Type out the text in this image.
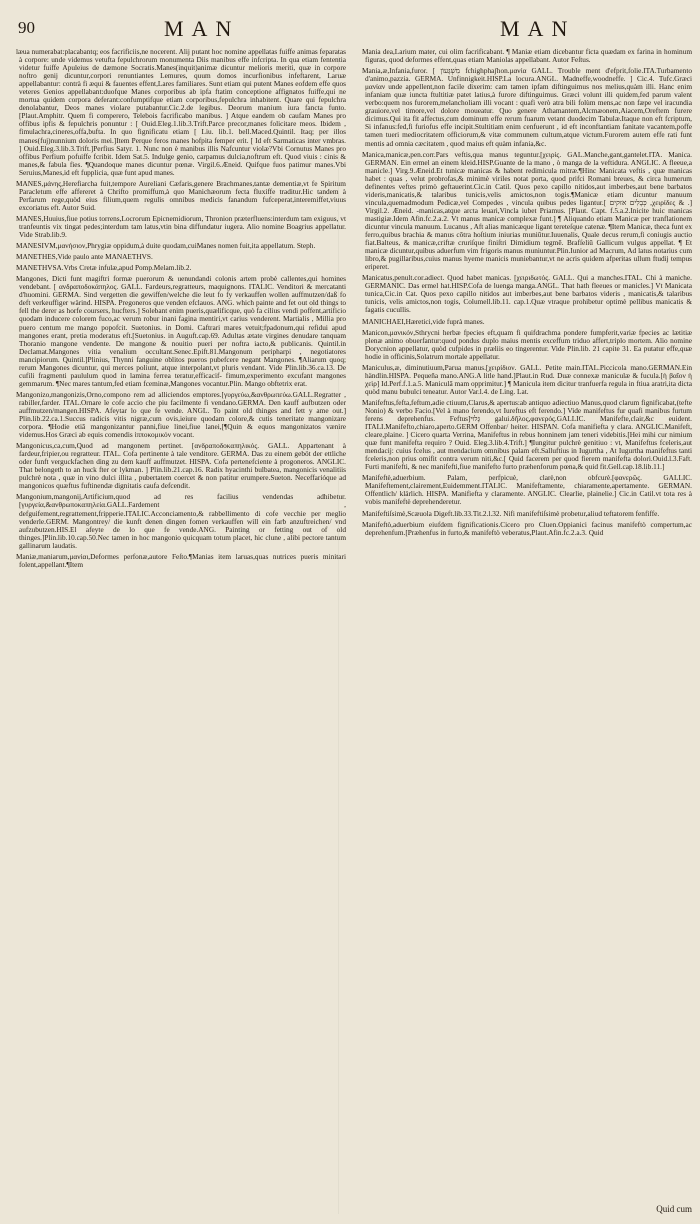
90	MAN	MAN

læua numerabat:placabantq; eos facrificiis,ne nocerent. Alij putant hoc nomine appellatas fuiffe animas feparatas à corpore: unde videmus vetufta fepulchrorum monumenta Diis manibus effe infcripta. In qua etiam fententia videtur fuiffe Apuleius de dæmone Socratis.Manes(inquit)animæ dicuntur melioris meriti, quæ in corpore noftro genij dicuntur,corpori renuntiantes Lemures, quum domos incurfionibus infeftarent, Laruæ appellabantur: contrà fi æqui & fauentes effent,Lares familiares. Sunt etiam qui putent Manes eofdem effe quos veteres Genios appellabant:duofque Manes corporibus ab ipfa ftatim conceptione affignatos fuiffe,qui ne mortua quidem corpora deferant:confumptifque etiam corporibus,fepulchra inhabitent. Quare qui fepulchra denolabantur, Deos manes violare putabantur.Cic.2.de legibus. Deorum manium iura fancta funto. [Plaut.Amphitr. Quem fi comperero, Telebois facrificabo manibus. ] Atque eandem ob caufam Manes pro offibus ipfis & fepulchris ponuntur : [ Ouid.Eleg.1.lib.3.Trift.Parce precor,manes folicitare meos. Ibidem , fimulachra,cineres,offa,bufta. In quo fignificatu etiam [ Liu. lib.1. bell.Maced.Quintil. Itaq; per illos manes(fuj)nunnium doloris mei.]Item Perque feros manes hofpita femper erit. [ Id eft Sarmaticas inter vmbras. ] Ouid.Eleg.3.lib.3.Trift.]Perfius Satyr. 1. Nunc non è manibus illis Nafcuntur violæ?Vbi Cornutus Manes pro offibus Perfium pofuiffe fcribit. Idem Sat.5. Indulge genio, carpamus dulcia,noftrum eft. Quod viuis : cinis & manes,& fabula fies. ¶Quandoque manes dicuntur pœnæ. Virgil.6.Æneid. Quifque fuos patimur manes.Vbi Seruius,Manes,id eft fupplicia, quæ funt apud manes.

MANES,μάνης,Herefiarcha fuit,tempore Aureliani Cæfaris,genere Brachmanes,tantæ dementiæ,vt fe Spiritum Paracletum effe affereret à Chrifto promiffum,à quo Manichæorum fecta fluxiffe traditur.Hic tandem à Perfarum rege,quòd eius filium,quem regulis omnibus medicis fanandum fufceperat,interemiffet,viuus excoriatus eft. Autor Suid.

MANES,Huuius,fiue potius torrens,Locrorum Epicnemidiorum, Thronion præterfluens:interdum tam exiguus, vt tranfeuntis vix tingat pedes;interdum tam latus,vtin bina diffundatur iugera. Alio nomine Boagrius appellatur. Vide Strab.lib.9.

MANESIVM,μανήσιον,Phrygiæ oppidum,à duite quodam,cuiManes nomen fuit,ita appellatum. Steph.

MANETHES,Vide paulo ante MANAETHVS.

MANETHVSA.Vrbs Cretæ infulæ,apud Pomp.Melam.lib.2.

Mangones, Dicti funt magiftri formæ puerorum & uenundandi colonis artem probè callentes,qui homines vendebant. [ ανδραποδοκάπηλος. GALL. Fardeurs,regratteurs, maquignons. ITALIC. Venditori & mercatanti d'huomini. GERMA. Sind vergetten die gewiffen/welche die leut fo fy verkauffen wollen auffmutzen/daß fo deft verkeuffiger wärind. HISPA. Pregoneros que venden efclauos. ANG. which painte and fet out old things to fell the derer as horfe coursers, hucfters.] Solebant enim pueris,quælificque, quò fa cilius vendi poffent,artificio quodam inducere colorem fuco,ac verum robur inani fagina mentiri,vt carius venderent. Martialis , Millia pro puero centum me mango popofcit. Suetonius. in Domi. Caftrari mares vetuit;fpadonum,qui refidui apud mangones erant, pretia moderatus eft.[Suetonius. in Auguft.cap.69. Adultas ætate virgines denudare tanquam Thoranio mangone vendente. De mangone & nouitio pueri per noftra iacto,& publicanis. Quintil.in Declamat.Mangones vitia venalium occultant.Senec.Epift.81.Mangonum peripharpi , negotiatores mancipiorum. Quintil.]Plinius, Thynni fanguine oblitos pueros pubefcere negant Mangones. ¶Aliarum quoq; rerum Mangones dicuntur, qui merces poliunt, atque interpolant,vt pluris vendant. Vide Plin.lib.36.ca.13. De cufili fragmenti paululum quod in lamina ferrea teratur,efficacif- fimum,experimento excufant mangones gemmarum. ¶Nec mares tantum,fed etiam fceminæ,Mangones vocantur.Plin. Mango obftetrix erat.

Mangonizo,mangonizis,Orno,compono rem ad alliciendos emptores.[γυργεύω,&ανθρωπεύω.GALL.Regratter , rabiller,farder. ITAL.Ornare le cofe accio che piu facilmente fi vendano.GERMA. Den kauff aufbutzen oder auffmutzen/mangen.HISPA. Afeytar lo que fe vende. ANGL. To paint old thinges and fett y ame out.] Plin.lib.22.ca.1.Succus radicis vitis nigræ,cum ovis,ieiure quodam colore,& cutis teneritate mangonizare corpora. ¶Hodie etiā mangonizantur panni,fiue linei,fiue lanei,[¶Quin & equos mangonizatos vænire videmus.Hos Græci ab equis comendis ἱπποκομικόν vocant.

Mangonicus,ca,cum,Quod ad mangonem pertinet. [ανδραποδοκαπηλικός. GALL. Appartenant à fardeur,fripier,ou regratteur. ITAL. Cofa pertinente à tale venditore. GERMA. Das zu einem geböt der ettliche oder funft verguckfachen ding zu dem kauff auffmutzet. HISPA. Cofa pertenefciente à progoneros. ANGLIC. That belongeth to an huck fter or lykman. ] Plin.lib.21.cap.16. Radix hyacinthi bulbatea, mangonicis venalitiis pulchrè nota , quæ in vino dulci illita , pubertatem coercet & non patitur erumpere.Sueton. Neceffarióque ad mangonicos quæftus fuftinendæ dignitatis caufa defcendit.

Mangonium,mangonij,Artificium,quod ad res facilius vendendas adhibetur. [γυργεία,&ανθρωποκαπηλεία.GALL.Fardement , defguifement,regrattement,fripperie.ITALIC.Acconciamento,& rabbellimento di cofe vecchie per meglio venderle.GERM. Mangontrey/ die kunft denen dingen fomen verkauffen will ein farb anzuftreichen/ vnd aufzubutzen.HIS.El afeyte de lo que fe vende.ANG. Painting or fetting out of old thinges.]Plin.lib.10.cap.50.Nec tamen in hoc mangonio quicquam totum placet, hic clune , alibi pectore tantum gallinarum laudatis.

Maniæ,maniarum,μανίαι,Deformes perfonæ,autore Feſto.¶Manias item laruas,quas nutrices pueris minitari folent,appellant.¶Item

Mania dea,Larium mater, cui olim facrificabant. ¶ Maniæ etiam dicebantur ficta quædam ex farina in hominum figuras, quod deformes effent,quas etiam Maniolas appellabant. Autor Feſtus.

Mania,æ,Infania,furor. [ מִשְׁגָּעוֹן fchighphaʃhon.μανία GALL. Trouble ment d'efprit,folie.ITA.Turbamento d'animo,pazzia. GERMA. Unfinnigkeit.HISP.La locura.ANGL. Madneffe,woodneffe. ] Cic.4. Tufc.Græci μανίαν unde appellent,non facile dixerim: cam tamen ipfam diftinguimus nos melius,quàm illi. Hanc enim infaniam quæ iuncta ftultitiæ patet latius,à furore diftinguimus. Græci volunt illi quidem,fed parum valent verbo:quem nos furorem,melancholiam illi vocant : quafi verò atra bili folùm mens,ac non fæpe vel iracundia grauiore,vel timore,vel dolore moueatur. Quo genere Athamantem,Alcmæonem,Aiacem,Oreftem furere dicimus.Qui ita fit affectus,cum dominum effe rerum fuarum vetant duodecim Tabulæ.Itaque non eft fcriptum, Si infanus:fed,fi furiofus effe incipit.Stultitiam enim cenfuerunt , id eft inconftantiam fanitate vacantem,poffe tamen tueri mediocritatem officiorum,& vitæ communem cultum,atque victum.Furorem autem effe rati funt mentis ad omnia cæcitatem , quod maius eft quàm infania,&c.

Manica,manicæ,pen.corr.Pars veftis,qua manus teguntur.[χειρίς. GAL.Manche,gant,gantelet.ITA. Manica. GERMAN. Ein ermel an einem kleid.HISP.Guante de la mano , ò manga de la veftidura. ANGLIC. A fleeue,a manicle.] Virg.9.Æneid.Et tunicæ manicas & habent redimicula mitræ.¶Hinc Manicata veftis , quæ manicas habet : quas , velut probrofas,& minimè viriles notat porta, quod prifci Romani breues, & circa humerum definentes veftes primò geftauerint.Cic.in Catil. Quos pexo capillo nitidos,aut imberbes,aut bene barbatos videris,manicatis,& talaribus tunicis,velis amictos,non togis.¶Manicæ etiam dicuntur manuum vincula,quemadmodum Pedicæ,vel Compedes , vincula quibus pedes ligantur.[ כְּבָלִים אזקים ,χειρίδες & .] Virgil.2. Æneid. -manicas,atque arcta leuari,Vincla iubet Priamus. [Plaut. Capt. f.5.a.2.Inicite huic manicas mastigiæ.Idem Afin.fc.2.a.2. Vt manus manicæ complexæ funt.] ¶ Aliquando etiam Manicæ per tranflationem dicuntur vincula manuum. Lucanus , Aft alias manicæque ligant tereteſque catenæ. ¶Item Manicæ, theca funt ex ferro,quibus brachia & manus cōtra hoſtium iniurias muniūtur.Iuuenalis, Quale decus rerum,fi coniugis auctio fiat.Balteus, & manicæ,criftæ cruriſque finiſtri Dimidium tegmē. Brafſeliū Gallicum vulgus appellat. ¶ Et manicæ dicuntur,quibus aduerfum vim frigoris manus muniuntur.Plin.Iunior ad Macrum, Ad latus notarius cum libro,& pugillaribus,cuius manus hyeme manicis muniebantur,vt ne acris quidem afperitas ullum ftudij tempus eriperet.

Manicatus,penult.cor.adiect. Quod habet manicas. [χειριδωτός. GALL. Qui a manches.ITAL. Chi à maniche. GERMANIC. Das ermel hat.HISP.Cofa de luenga manga.ANGL. That hath fleeues or manicles.] Vt Manicata tunica,Cic.in Cat. Quos pexo capillo nitidos aut imberbes,aut bene barbatos videris , manicatis,& talaribus tunicis, velis amictos,non togis, Columell.lib.11. cap.1.Quæ vtraque prohibetur optimè pellibus manicatis & fagatis cucullis.

MANICHAEI,Hæretici,vide fuprà manes.

Manicon,μανικόν,Sthrycni herbæ fpecies eft,quam fi quifdrachma pondere fumpferit,variæ fpecies ac lætitiæ plenæ animo obuerfantur:quod pondus duplo maius mentis exceffum triduo affert,triplo mortem. Alio nomine Dorycnion appellatur, quòd cufpides in præliis eo tingerentur. Vide Plin.lib. 21 capite 31. Ea putatur effe,quæ hodie in officinis,Solatrum mortale appellatur.

Maniculus,æ, diminutiuum,Parua manus.[χειρίδιον. GALL. Petite main.ITAL.Piccicola mano.GERMAN.Ein händlin.HISPA. Pequeña mano.ANG.A litle hand.]Plaut.in Rud. Duæ connexæ maniculæ & fucula.[ἡ βαῖον ἡ χεὶρ] Id.Perf.f.1.a.5. Maniculā mam opprimitur.] ¶ Manicula item dicitur tranfuerfa regula in ftiua aratri,ita dicta quòd manu bubulci teneatur. Autor Var.l.4. de Ling. Lat.

Manifeftus,fefta,feftum,adie ctiuum,Clarus,& apertus:ab antiquo adiectiuo Manus,quod clarum fignificabat,(tefte Nonio) & verbo Facio.[Vel à mano ferendo,vt Iureftus eft ferendo.] Vide manifeftus fur quafi manibus furtum ferens deprehenfus. Feftus]גָּלוּי galui.δῆλος,φανερός.GALLIC. Manifefte,clair,&c euident. ITALI.Manifefto,chiaro,aperto.GERM Offenbar/ heiter. HISPAN. Cofa manifiefta y clara. ANGLIC.Manifeft, cleare,plaine. ] Cicero quarta Verrina, Manifeftus in rebus honninem jam teneri videbitis.[Hei mihi cur nimium quæ funt manifefta requiro ? Ouid. Eleg.3.lib.4.Trift.] ¶Iungitur pulchrè genitiuo : vt, Manifeftus fceleris,aut mendacij: cuius fcelus , aut mendacium omnibus palam eft.Salluftius in Iugurtha , At Iugurtha manifeftus tanti fceleris,non prius omifit contra verum niti,&c.[ Quid facerem per quod fierem manifefta dolori.Ouid.l.3.Faft. Furti manifefti, & nec manifefti,fiue manifefto furto præhenforum pœna,& quid fit.Gell.cap.18.lib.11.]

Manifeftè,aduerbium. Palam, perfpicuè, clarè,non obfcurè.[φανερῶς. GALLIC. Manifeftement,clairement,Euidemment.ITALIC. Manifeftamente, chiaramente,apertamente. GERMAN. Offentlich/ klärlich. HISPA. Manifiefta y claramente. ANGLIC. Clearlie, plainelie.] Cic.in Catil.vt tota res à vobis manifeftè deprehenderetur.

Manifeftiſsimè,Scæuola Digeft.lib.33.Tit.2.l.32. Nifi manifeftiſsimè probetur,aliud teftatorem fenfiffe.

Manifeftò,aduerbium eiufdem fignificationis.Cicero pro Cluen.Oppianici facinus manifeftò compertum,ac deprehenfum.[Præhenfus in furto,& manifeftò veberatus,Plaut.Afin.fc.2.a.3. Quid

Quid cum
